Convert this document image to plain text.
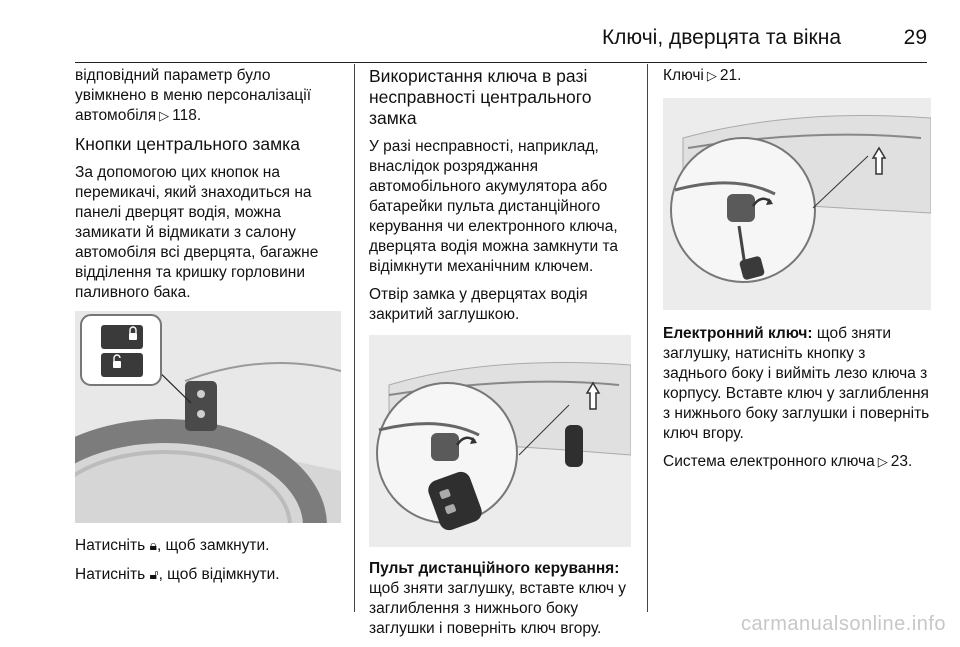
Ключі, дверцята та вікна	29

відповідний параметр було увімкнено в меню персоналізації автомобіля ▷ 118.

Кнопки центрального замка

За допомогою цих кнопок на перемикачі, який знаходиться на панелі дверцят водія, можна замикати й відмикати з салону автомобіля всі дверцята, багажне відділення та кришку горловини паливного бака.

Натисніть 🔒︎, щоб замкнути.

Натисніть 🔓︎, щоб відімкнути.

Використання ключа в разі несправності центрального замка

У разі несправності, наприклад, внаслідок розряджання автомобільного акумулятора або батарейки пульта дистанційного керування чи електронного ключа, дверцята водія можна замкнути та відімкнути механічним ключем.

Отвір замка у дверцятах водія закритий заглушкою.

Пульт дистанційного керування: щоб зняти заглушку, вставте ключ у заглиблення з нижнього боку заглушки і поверніть ключ вгору.

Ключі ▷ 21.

Електронний ключ: щоб зняти заглушку, натисніть кнопку з заднього боку і вийміть лезо ключа з корпусу. Вставте ключ у заглиблення з нижнього боку заглушки і поверніть ключ вгору.

Система електронного ключа ▷ 23.

carmanualsonline.info
